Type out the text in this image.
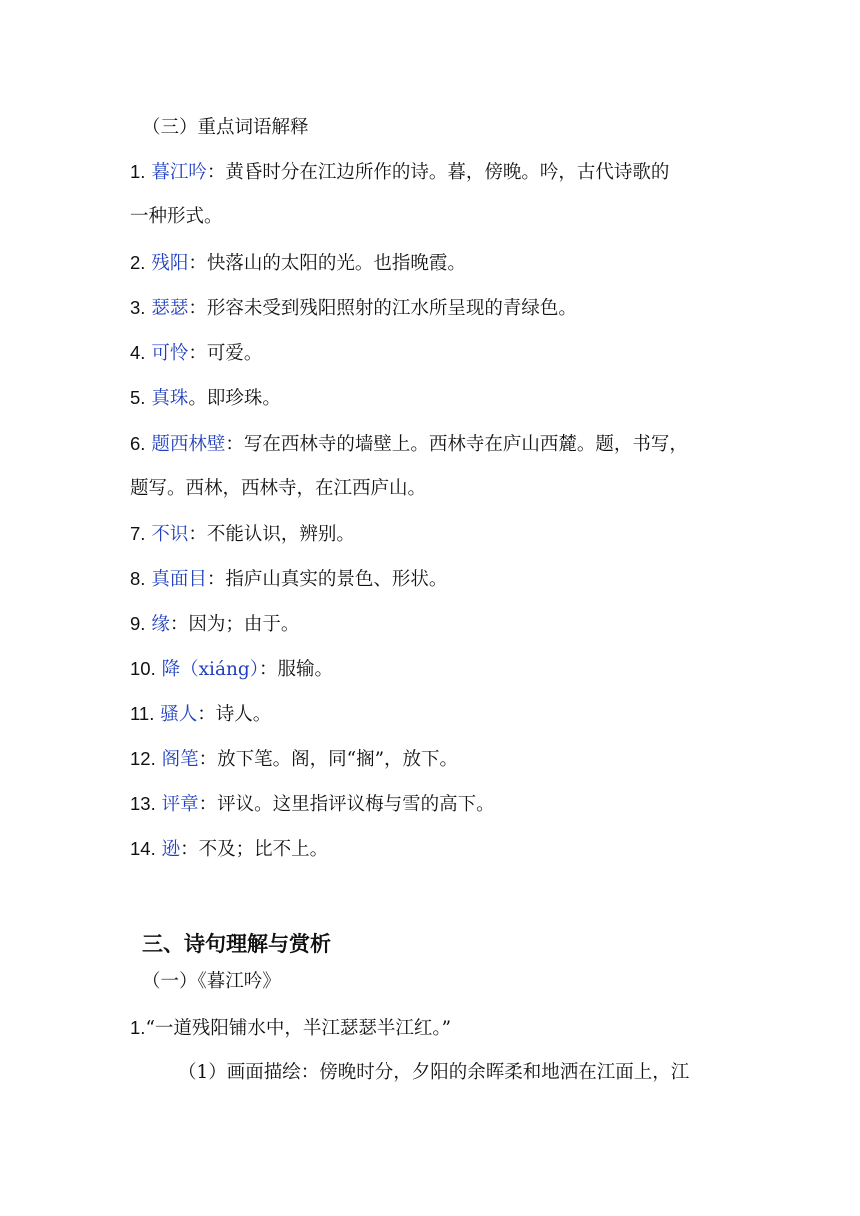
（三）重点词语解释
1. 暮江吟：黄昏时分在江边所作的诗。暮，傍晚。吟，古代诗歌的
一种形式。
2. 残阳：快落山的太阳的光。也指晚霞。
3. 瑟瑟：形容未受到残阳照射的江水所呈现的青绿色。
4. 可怜：可爱。
5. 真珠。即珍珠。
6. 题西林壁：写在西林寺的墙壁上。西林寺在庐山西麓。题，书写，
题写。西林，西林寺，在江西庐山。
7. 不识：不能认识，辨别。
8. 真面目：指庐山真实的景色、形状。
9. 缘：因为；由于。
10. 降（xiáng）：服输。
11. 骚人：诗人。
12. 阁笔：放下笔。阁，同“搁”，放下。
13. 评章：评议。这里指评议梅与雪的高下。
14. 逊：不及；比不上。
三、诗句理解与赏析
（一）《暮江吟》
1.“一道残阳铺水中，半江瑟瑟半江红。”
（1）画面描绘：傍晚时分，夕阳的余晖柔和地洒在江面上，江
